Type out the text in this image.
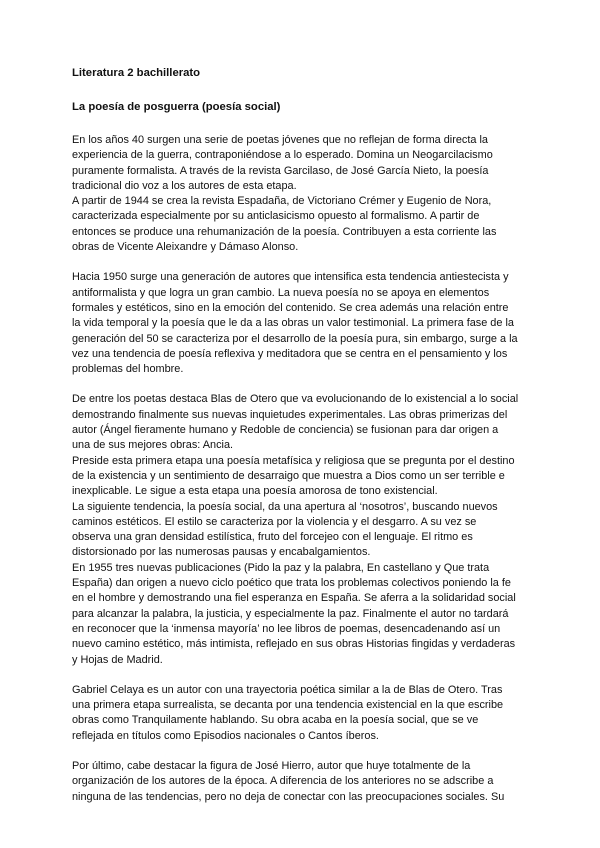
Literatura 2 bachillerato
La poesía de posguerra (poesía social)
En los años 40 surgen una serie de poetas jóvenes que no reflejan de forma directa la
experiencia de la guerra, contraponiéndose a lo esperado. Domina un Neogarcilacismo
puramente formalista. A través de la revista Garcilaso, de José García Nieto, la poesía
tradicional dio voz a los autores de esta etapa.
A partir de 1944 se crea la revista Espadaña, de Victoriano Crémer y Eugenio de Nora,
caracterizada especialmente por su anticlasicismo opuesto al formalismo. A partir de
entonces se produce una rehumanización de la poesía. Contribuyen a esta corriente las
obras de Vicente Aleixandre y Dámaso Alonso.
Hacia 1950 surge una generación de autores que intensifica esta tendencia antiestecista y
antiformalista y que logra un gran cambio. La nueva poesía no se apoya en elementos
formales y estéticos, sino en la emoción del contenido. Se crea además una relación entre
la vida temporal y la poesía que le da a las obras un valor testimonial. La primera fase de la
generación del 50 se caracteriza por el desarrollo de la poesía pura, sin embargo, surge a la
vez una tendencia de poesía reflexiva y meditadora que se centra en el pensamiento y los
problemas del hombre.
De entre los poetas destaca Blas de Otero que va evolucionando de lo existencial a lo social
demostrando finalmente sus nuevas inquietudes experimentales. Las obras primerizas del
autor (Ángel fieramente humano y Redoble de conciencia) se fusionan para dar origen a
una de sus mejores obras: Ancia.
Preside esta primera etapa una poesía metafísica y religiosa que se pregunta por el destino
de la existencia y un sentimiento de desarraigo que muestra a Dios como un ser terrible e
inexplicable. Le sigue a esta etapa una poesía amorosa de tono existencial.
La siguiente tendencia, la poesía social, da una apertura al ‘nosotros’, buscando nuevos
caminos estéticos. El estilo se caracteriza por la violencia y el desgarro. A su vez se
observa una gran densidad estilística, fruto del forcejeo con el lenguaje. El ritmo es
distorsionado por las numerosas pausas y encabalgamientos.
En 1955 tres nuevas publicaciones (Pido la paz y la palabra, En castellano y Que trata
España) dan origen a nuevo ciclo poético que trata los problemas colectivos poniendo la fe
en el hombre y demostrando una fiel esperanza en España. Se aferra a la solidaridad social
para alcanzar la palabra, la justicia, y especialmente la paz. Finalmente el autor no tardará
en reconocer que la ‘inmensa mayoría’ no lee libros de poemas, desencadenando así un
nuevo camino estético, más intimista, reflejado en sus obras Historias fingidas y verdaderas
y Hojas de Madrid.
Gabriel Celaya es un autor con una trayectoria poética similar a la de Blas de Otero. Tras
una primera etapa surrealista, se decanta por una tendencia existencial en la que escribe
obras como Tranquilamente hablando. Su obra acaba en la poesía social, que se ve
reflejada en títulos como Episodios nacionales o Cantos íberos.
Por último, cabe destacar la figura de José Hierro, autor que huye totalmente de la
organización de los autores de la época. A diferencia de los anteriores no se adscribe a
ninguna de las tendencias, pero no deja de conectar con las preocupaciones sociales. Su
